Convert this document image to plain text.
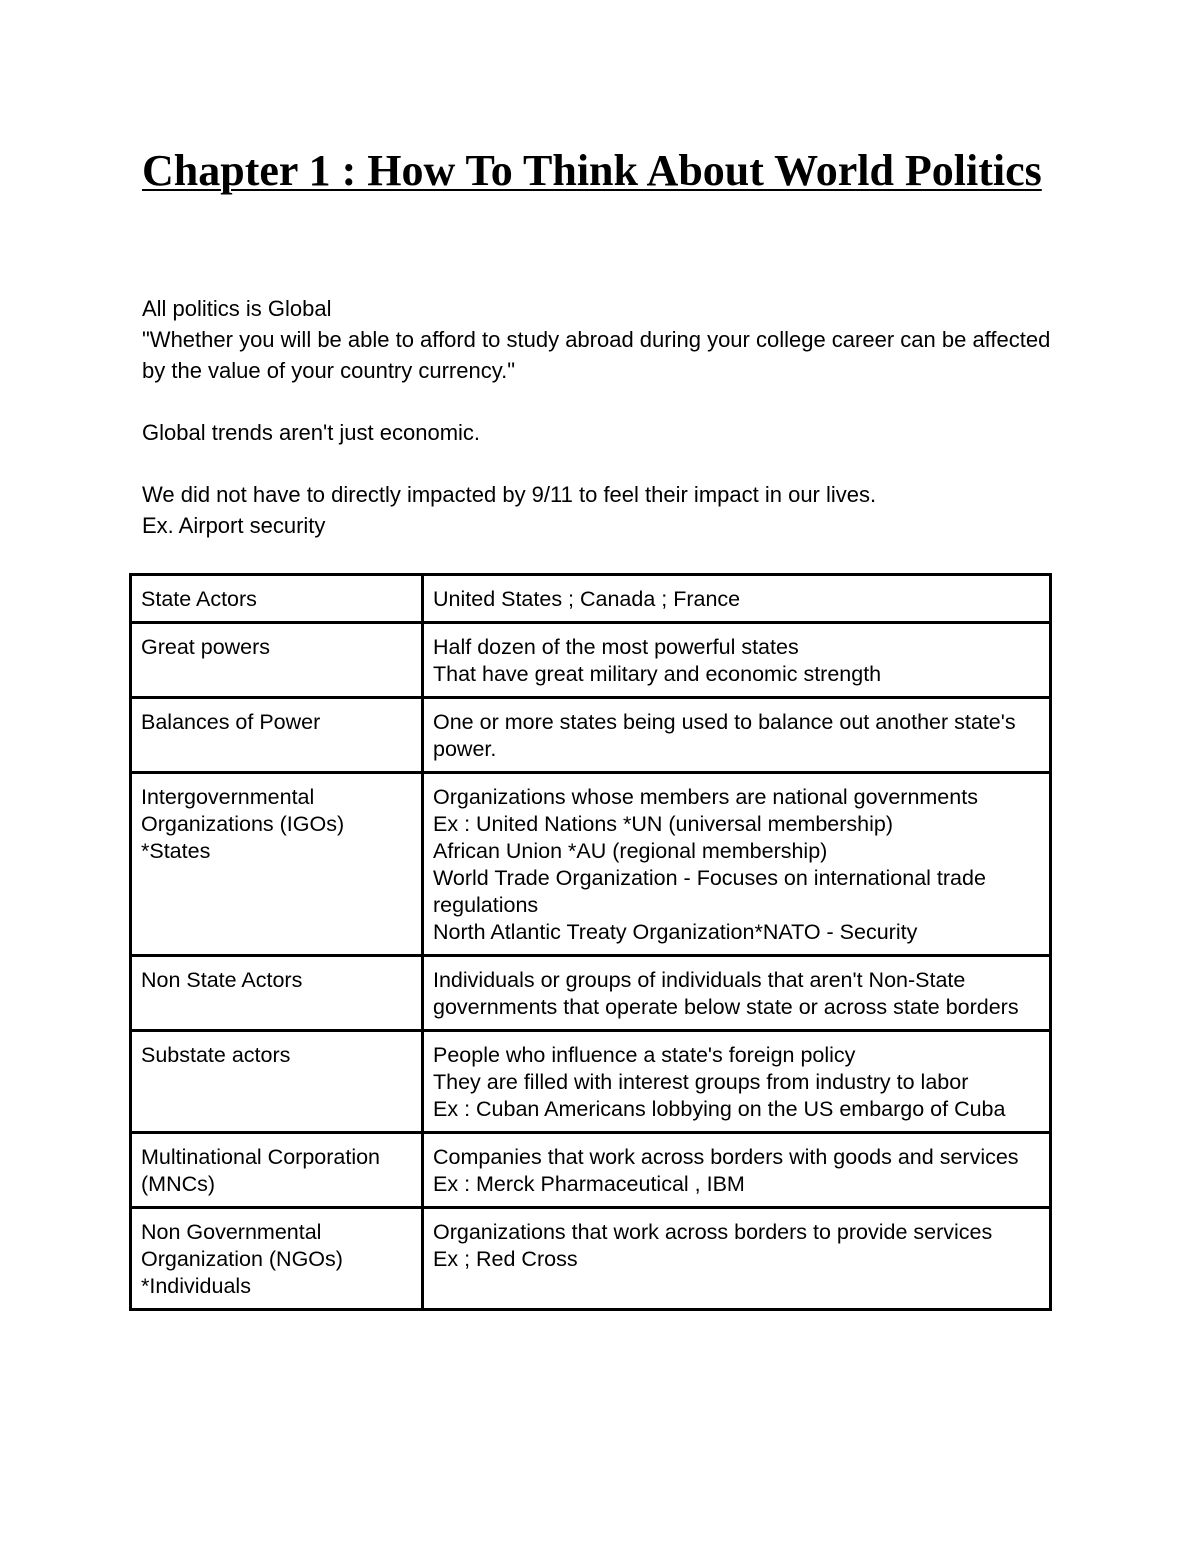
Chapter 1 : How To Think About World Politics

All politics is Global

"Whether you will be able to afford to study abroad during your college career can be affected by the value of your country currency."

Global trends aren't just economic.

We did not have to directly impacted by 9/11 to feel their impact in our lives.

Ex. Airport security

State Actors	United States ; Canada ; France
Great powers	Half dozen of the most powerful states
That have great military and economic strength
Balances of Power	One or more states being used to balance out another state's power.
Intergovernmental Organizations (IGOs)
*States	Organizations whose members are national governments
Ex : United Nations *UN (universal membership)
African Union *AU (regional membership)
World Trade Organization - Focuses on international trade regulations
North Atlantic Treaty Organization*NATO - Security
Non State Actors	Individuals or groups of individuals that aren't Non-State governments that operate below state or across state borders
Substate actors	People who influence a state's foreign policy
They are filled with interest groups from industry to labor
Ex : Cuban Americans lobbying on the US embargo of Cuba
Multinational Corporation (MNCs)	Companies that work across borders with goods and services
Ex : Merck Pharmaceutical , IBM
Non Governmental Organization (NGOs)
*Individuals	Organizations that work across borders to provide services
Ex ; Red Cross
